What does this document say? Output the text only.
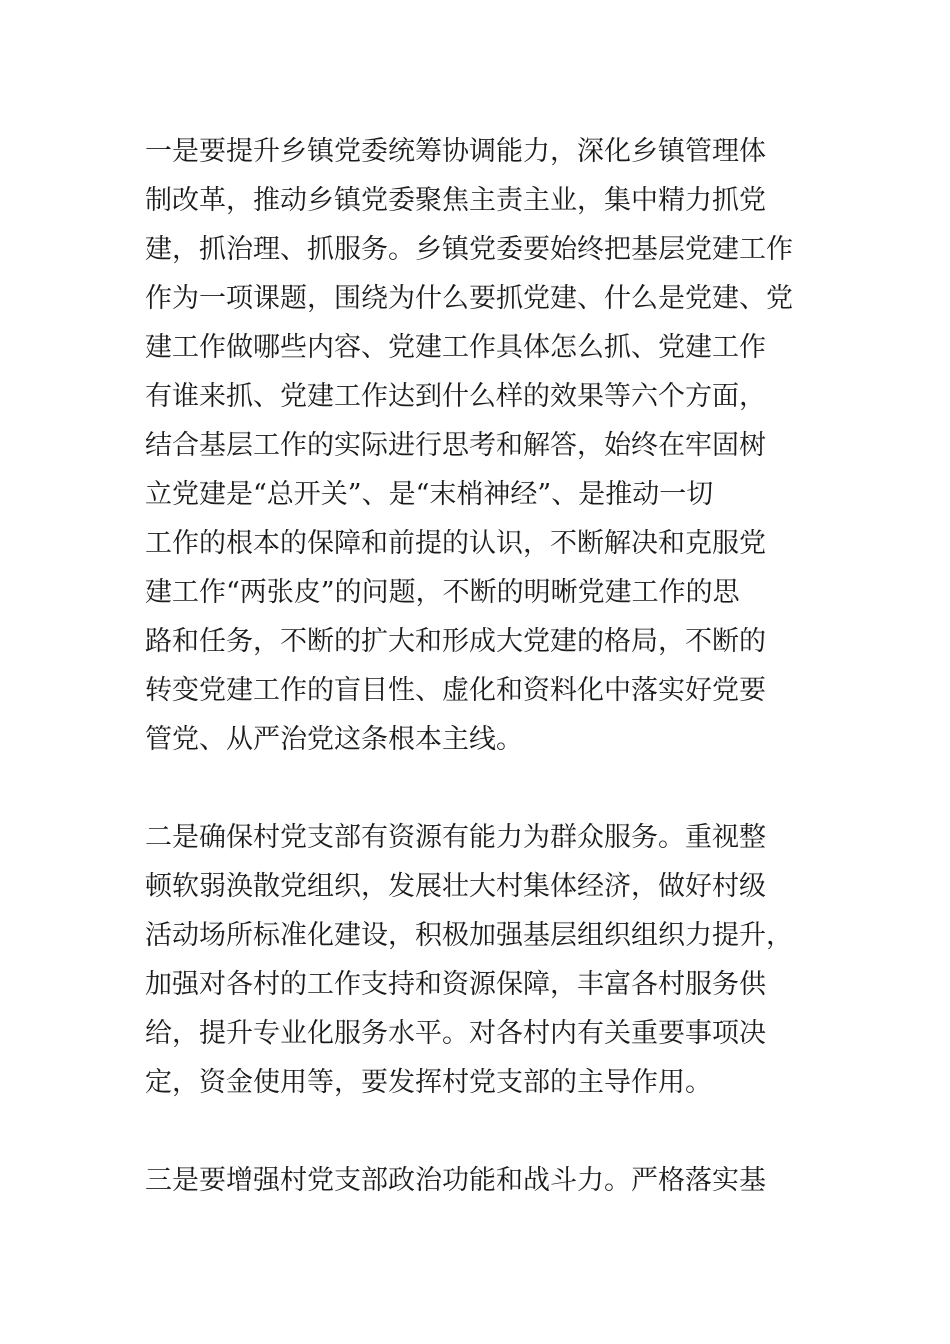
一是要提升乡镇党委统筹协调能力，深化乡镇管理体
制改革，推动乡镇党委聚焦主责主业，集中精力抓党
建，抓治理、抓服务。乡镇党委要始终把基层党建工作
作为一项课题，围绕为什么要抓党建、什么是党建、党
建工作做哪些内容、党建工作具体怎么抓、党建工作
有谁来抓、党建工作达到什么样的效果等六个方面，
结合基层工作的实际进行思考和解答，始终在牢固树
立党建是“总开关”、是“末梢神经”、是推动一切
工作的根本的保障和前提的认识，不断解决和克服党
建工作“两张皮”的问题，不断的明晰党建工作的思
路和任务，不断的扩大和形成大党建的格局，不断的
转变党建工作的盲目性、虚化和资料化中落实好党要
管党、从严治党这条根本主线。
二是确保村党支部有资源有能力为群众服务。重视整
顿软弱涣散党组织，发展壮大村集体经济，做好村级
活动场所标准化建设，积极加强基层组织组织力提升，
加强对各村的工作支持和资源保障，丰富各村服务供
给，提升专业化服务水平。对各村内有关重要事项决
定，资金使用等，要发挥村党支部的主导作用。
三是要增强村党支部政治功能和战斗力。严格落实基
